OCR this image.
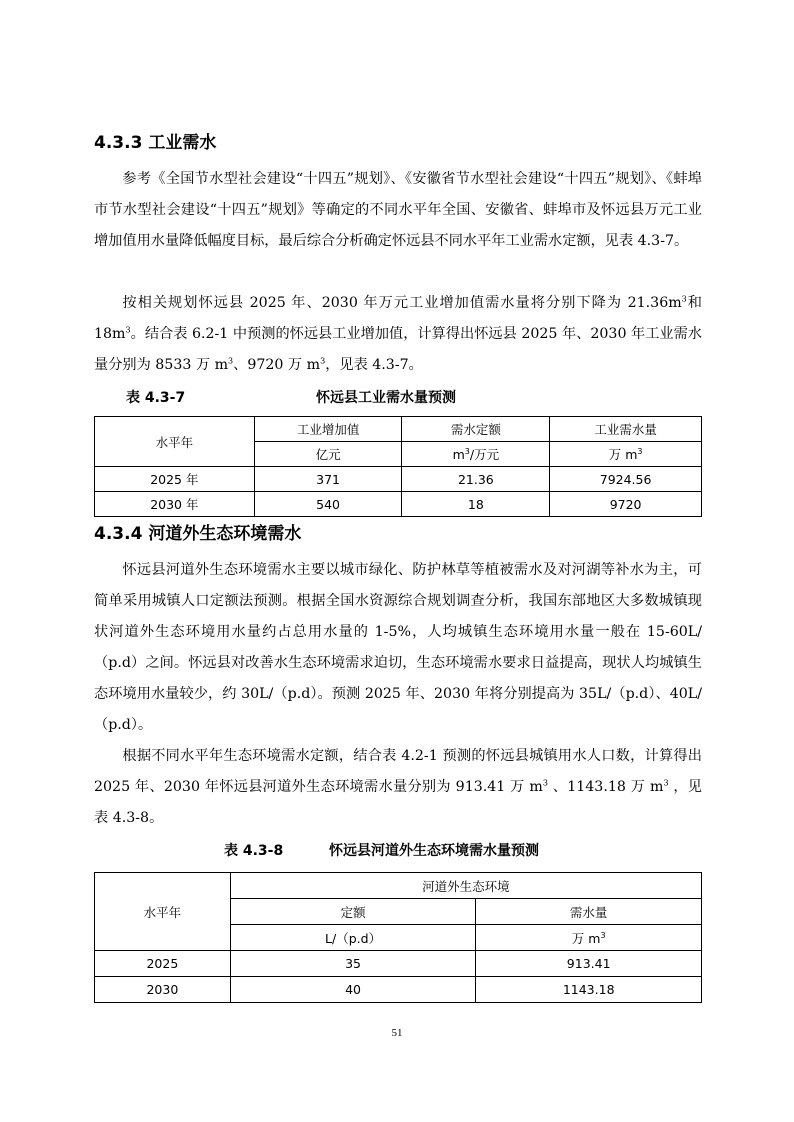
4.3.3 工业需水

参考《全国节水型社会建设“十四五”规划》、《安徽省节水型社会建设“十四五”规划》、《蚌埠市节水型社会建设“十四五”规划》等确定的不同水平年全国、安徽省、蚌埠市及怀远县万元工业增加值用水量降低幅度目标，最后综合分析确定怀远县不同水平年工业需水定额，见表 4.3-7。

按相关规划怀远县 2025 年、2030 年万元工业增加值需水量将分别下降为 $21.36m^3$和 $18m^3$。结合表 6.2-1 中预测的怀远县工业增加值，计算得出怀远县 2025 年、2030 年工业需水量分别为 8533 万 $m^3$、9720 万 $m^3$，见表 4.3-7。

表 4.3-7	怀远县工业需水量预测
水平年	工业增加值	需水定额	工业需水量
	亿元	$m^3/$万元	万 $m^3$
2025 年	371	21.36	7924.56
2030 年	540	18	9720
4.3.4 河道外生态环境需水

怀远县河道外生态环境需水主要以城市绿化、防护林草等植被需水及对河湖等补水为主，可简单采用城镇人口定额法预测。根据全国水资源综合规划调查分析，我国东部地区大多数城镇现状河道外生态环境用水量约占总用水量的 1-5%，人均城镇生态环境用水量一般在 15-60L/（p.d）之间。怀远县对改善水生态环境需求迫切，生态环境需水要求日益提高，现状人均城镇生态环境用水量较少，约 30L/（p.d）。预测 2025 年、2030 年将分别提高为 35L/（p.d）、40L/（p.d）。

根据不同水平年生态环境需水定额，结合表 4.2-1 预测的怀远县城镇用水人口数，计算得出 2025 年、2030 年怀远县河道外生态环境需水量分别为 913.41 万 $m^3$ 、1143.18 万 $m^3$ ，见表 4.3-8。

表 4.3-8	怀远县河道外生态环境需水量预测
水平年	河道外生态环境	
	定额	需水量
	L/（p.d）	万 $m^3$
2025	35	913.41
2030	40	1143.18
51
